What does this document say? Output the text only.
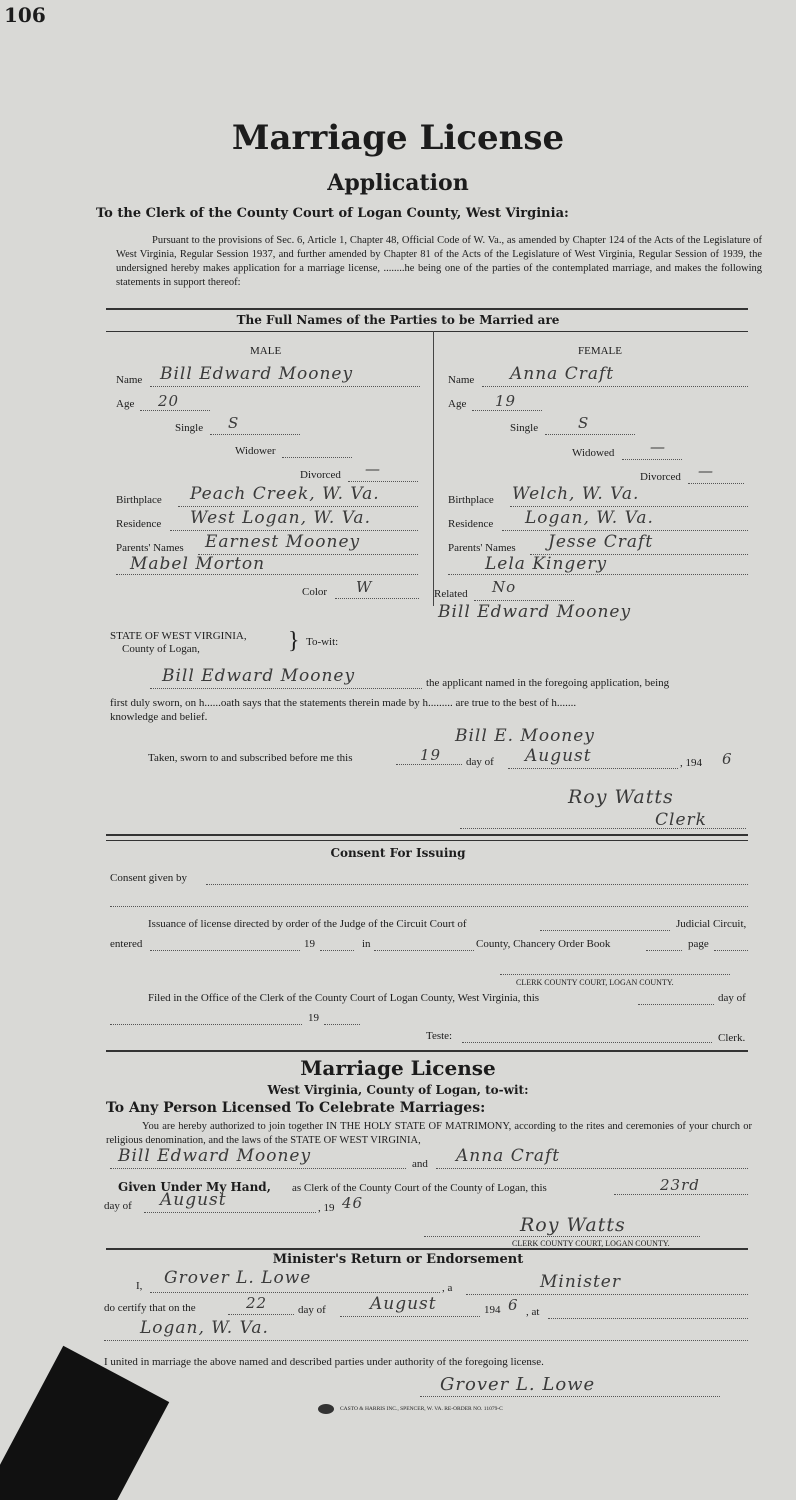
106
Marriage License
Application
To the Clerk of the County Court of Logan County, West Virginia:
Pursuant to the provisions of Sec. 6, Article 1, Chapter 48, Official Code of W. Va., as amended by Chapter 124 of the Acts of the Legislature of West Virginia, Regular Session 1937, and further amended by Chapter 81 of the Acts of the Legislature of West Virginia, Regular Session of 1939, the undersigned hereby makes application for a marriage license, ........he being one of the parties of the contemplated marriage, and makes the following statements in support thereof:
The Full Names of the Parties to be Married are
MALE
Name Bill Edward Mooney
Age 20
Single S
Widower
Divorced —
Birthplace Peach Creek, W. Va.
Residence West Logan, W. Va.
Parents' Names Earnest Mooney
Mabel Morton
Color W
FEMALE
Name Anna Craft
Age 19
Single	S
Widowed —
Divorced —
Birthplace Welch, W. Va.
Residence Logan, W. Va.
Parents' Names Jesse Craft
Lela Kingery
Related No
Bill Edward Mooney
STATE OF WEST VIRGINIA,
County of Logan,	} To-wit:
Bill Edward Mooney	the applicant named in the foregoing application, being
first duly sworn, on h......oath says that the statements therein made by h......... are true to the best of h.......
knowledge and belief.
Bill E. Mooney
Taken, sworn to and subscribed before me this	19 day of August	, 194 6
Roy Watts
Clerk
Consent For Issuing
Consent given by
Issuance of license directed by order of the Judge of the Circuit Court of	Judicial Circuit,
entered	19	in	County, Chancery Order Book	page
CLERK COUNTY COURT, LOGAN COUNTY.
Filed in the Office of the Clerk of the County Court of Logan County, West Virginia, this	day of
19
Teste:	Clerk.
Marriage License
West Virginia, County of Logan, to-wit:
To Any Person Licensed To Celebrate Marriages:
You are hereby authorized to join together IN THE HOLY STATE OF MATRIMONY, according to the rites and ceremonies of your church or religious denomination, and the laws of the STATE OF WEST VIRGINIA,
Bill Edward Mooney	and Anna Craft
Given Under My Hand, as Clerk of the County Court of the County of Logan, this	23rd
day of August	, 19 46
Roy Watts
CLERK COUNTY COURT, LOGAN COUNTY.
Minister's Return or Endorsement
I, Grover L. Lowe	, a	Minister
do certify that on the	22	day of	August	194 6 , at
Logan, W. Va.
I united in marriage the above named and described parties under authority of the foregoing license.
Grover L. Lowe
CASTO & HARRIS INC., SPENCER, W. VA. RE-ORDER NO. 11079-C
